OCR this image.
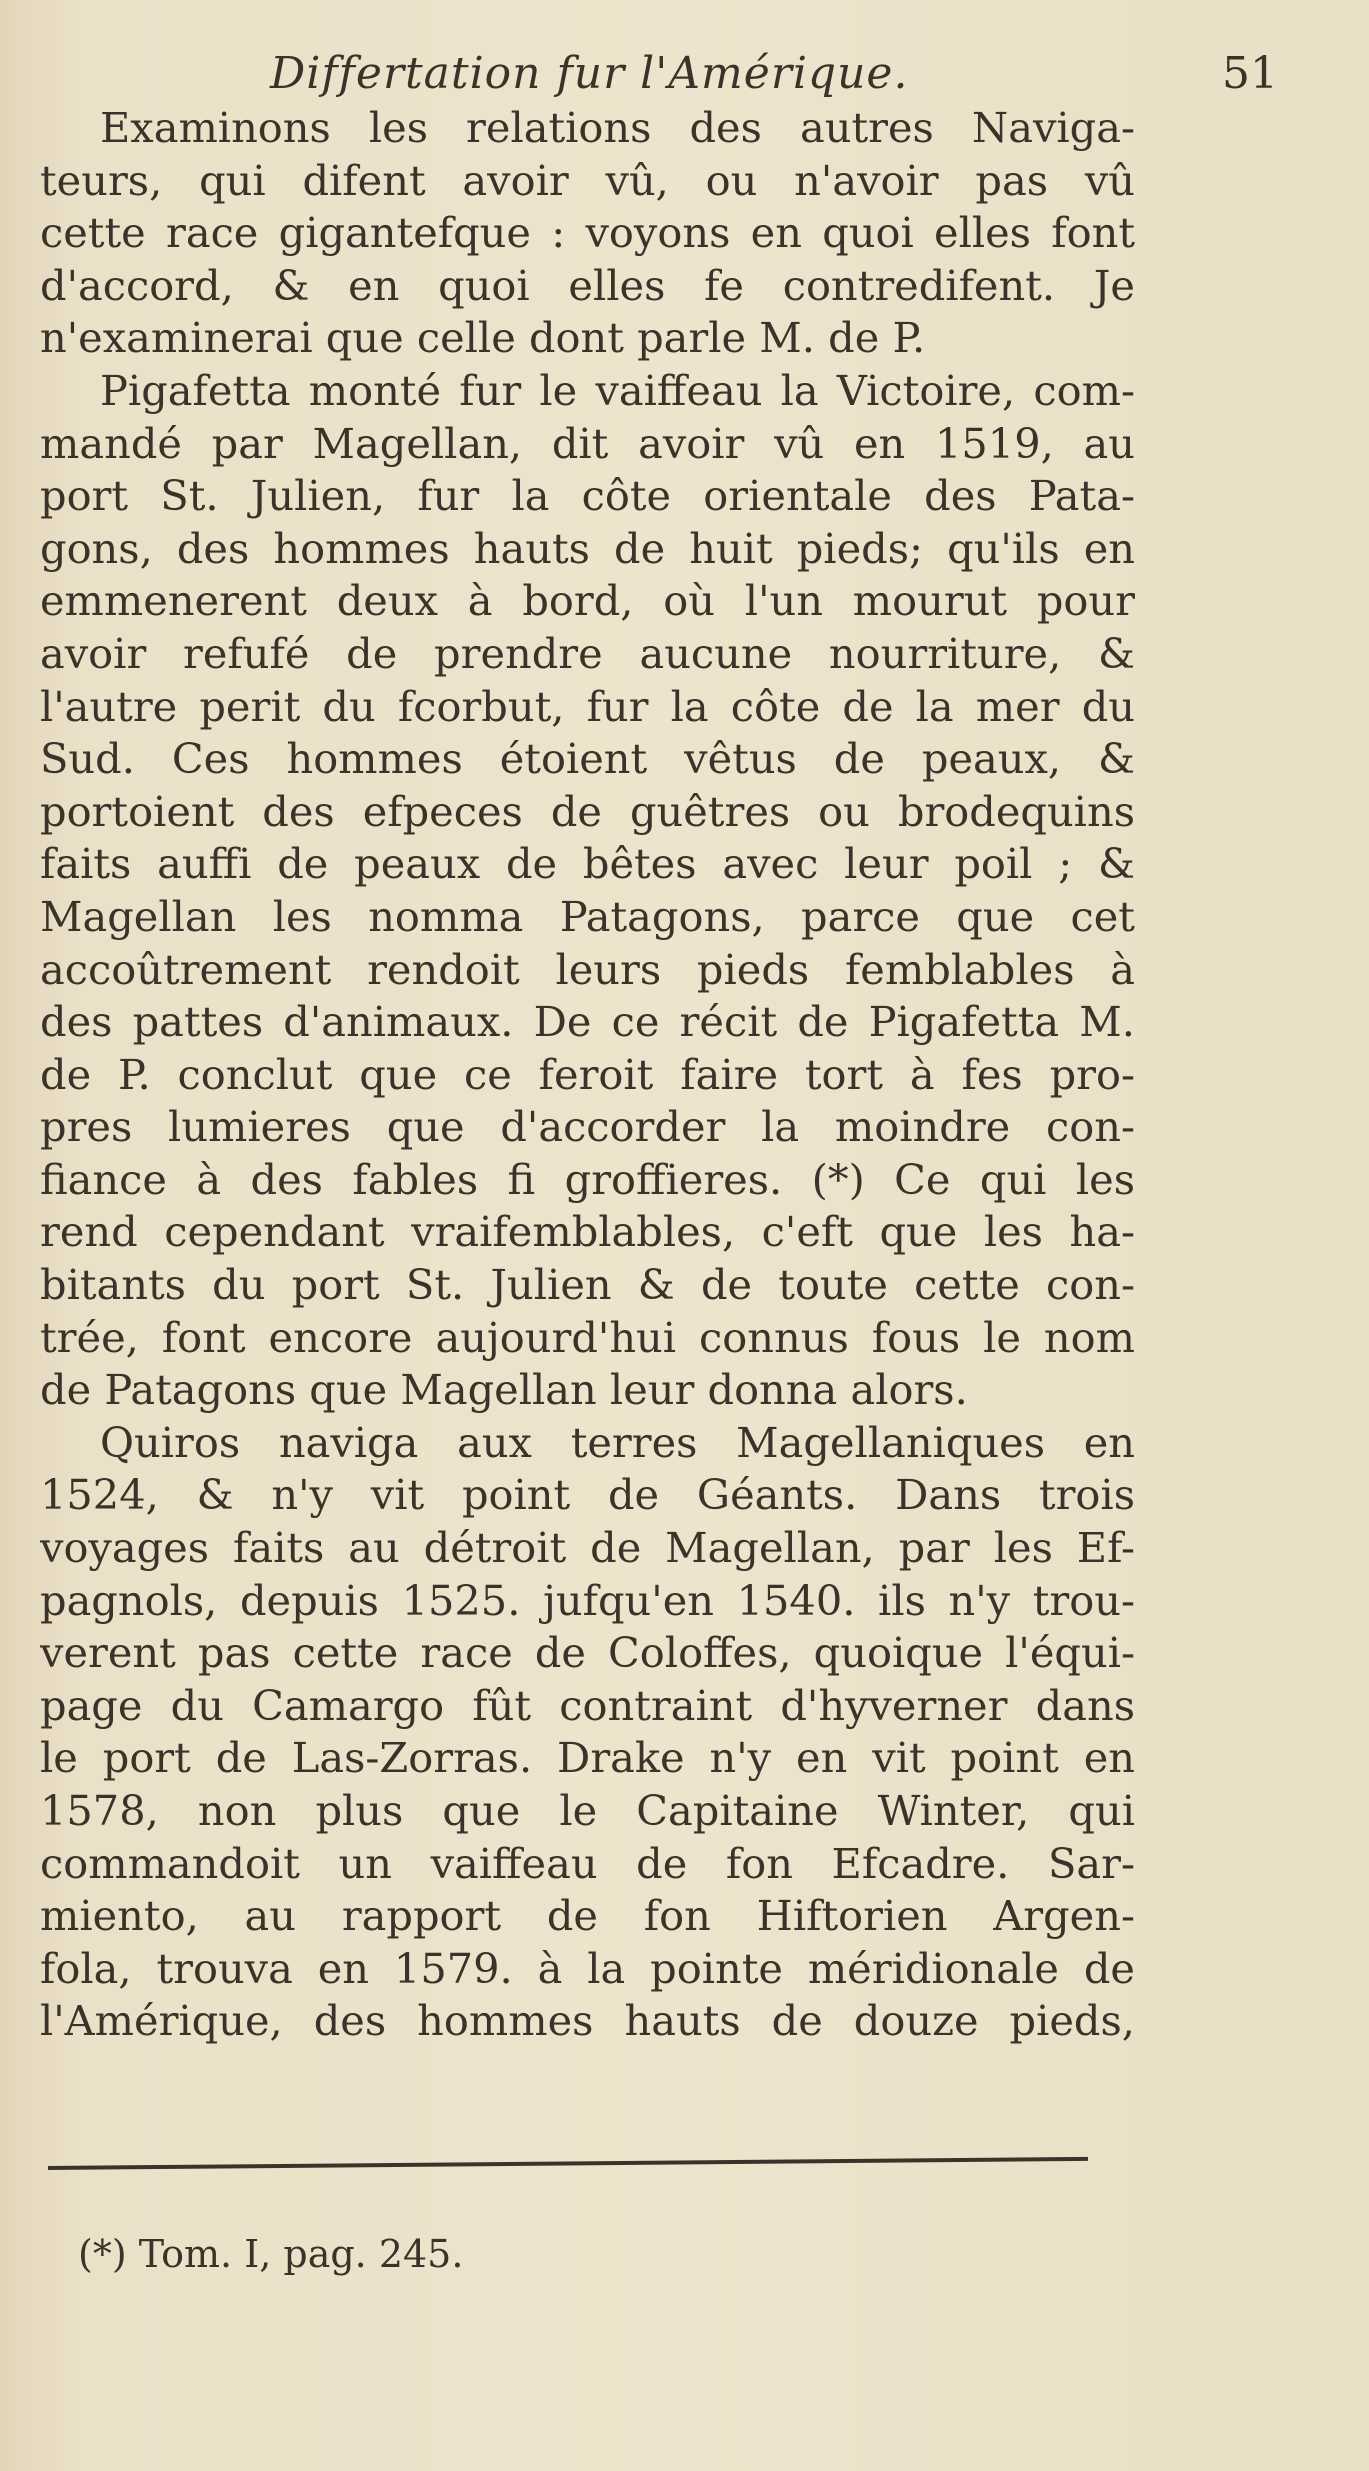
Differtation fur l'Amérique.	51
Examinons les relations des autres Naviga-
teurs, qui difent avoir vû, ou n'avoir pas vû
cette race gigantefque : voyons en quoi elles font
d'accord, & en quoi elles fe contredifent. Je
n'examinerai que celle dont parle M. de P.
Pigafetta monté fur le vaiffeau la Victoire, com-
mandé par Magellan, dit avoir vû en 1519, au
port St. Julien, fur la côte orientale des Pata-
gons, des hommes hauts de huit pieds; qu'ils en
emmenerent deux à bord, où l'un mourut pour
avoir refufé de prendre aucune nourriture, &
l'autre perit du fcorbut, fur la côte de la mer du
Sud. Ces hommes étoient vêtus de peaux, &
portoient des efpeces de guêtres ou brodequins
faits auffi de peaux de bêtes avec leur poil ; &
Magellan les nomma Patagons, parce que cet
accoûtrement rendoit leurs pieds femblables à
des pattes d'animaux. De ce récit de Pigafetta M.
de P. conclut que ce feroit faire tort à fes pro-
pres lumieres que d'accorder la moindre con-
fiance à des fables fi groffieres. (*) Ce qui les
rend cependant vraifemblables, c'eft que les ha-
bitants du port St. Julien & de toute cette con-
trée, font encore aujourd'hui connus fous le nom
de Patagons que Magellan leur donna alors.
Quiros naviga aux terres Magellaniques en
1524, & n'y vit point de Géants. Dans trois
voyages faits au détroit de Magellan, par les Ef-
pagnols, depuis 1525. jufqu'en 1540. ils n'y trou-
verent pas cette race de Coloffes, quoique l'équi-
page du Camargo fût contraint d'hyverner dans
le port de Las-Zorras. Drake n'y en vit point en
1578, non plus que le Capitaine Winter, qui
commandoit un vaiffeau de fon Efcadre. Sar-
miento, au rapport de fon Hiftorien Argen-
fola, trouva en 1579. à la pointe méridionale de
l'Amérique, des hommes hauts de douze pieds,
(*) Tom. I, pag. 245.
